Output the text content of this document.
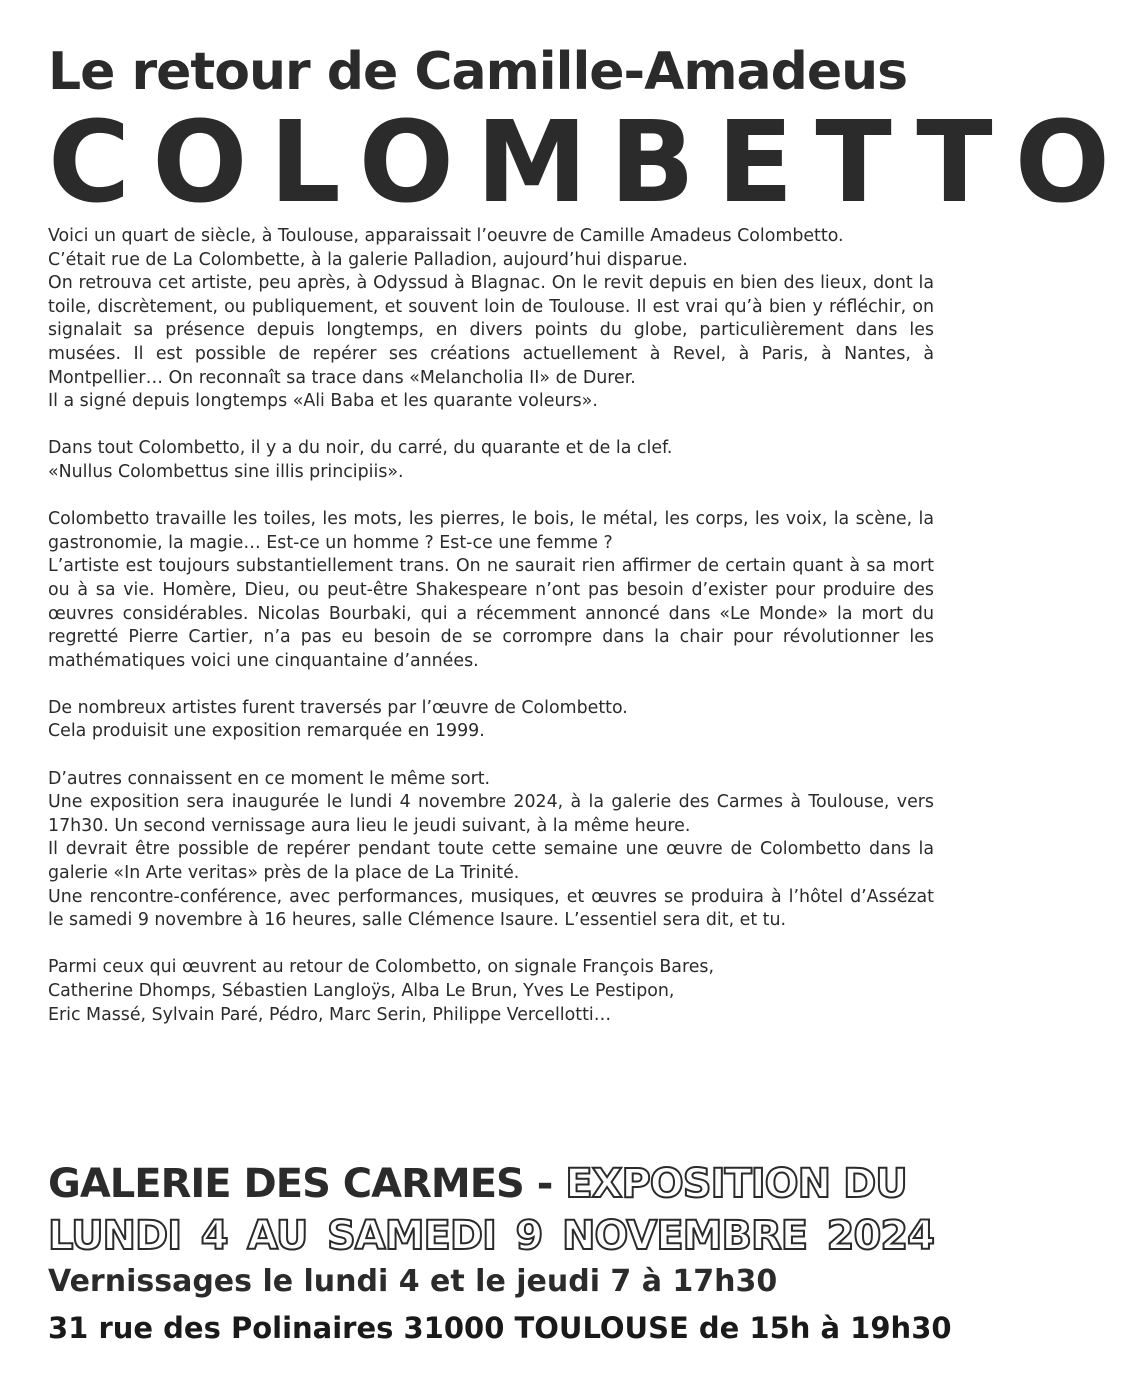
Le retour de Camille-Amadeus
COLOMBETTO

Voici un quart de siècle, à Toulouse, apparaissait l’oeuvre de Camille Amadeus Colombetto.
C’était rue de La Colombette, à la galerie Palladion, aujourd’hui disparue.
On retrouva cet artiste, peu après, à Odyssud à Blagnac. On le revit depuis en bien des lieux, dont la toile, discrètement, ou publiquement, et souvent loin de Toulouse. Il est vrai qu’à bien y réfléchir, on signalait sa présence depuis longtemps, en divers points du globe, particulièrement dans les musées. Il est possible de repérer ses créations actuellement à Revel, à Paris, à Nantes, à Montpellier… On reconnaît sa trace dans «Melancholia II» de Durer.
Il a signé depuis longtemps «Ali Baba et les quarante voleurs».

Dans tout Colombetto, il y a du noir, du carré, du quarante et de la clef.
«Nullus Colombettus sine illis principiis».

Colombetto travaille les toiles, les mots, les pierres, le bois, le métal, les corps, les voix, la scène, la gastronomie, la magie… Est-ce un homme ? Est-ce une femme ?
L’artiste est toujours substantiellement trans. On ne saurait rien affirmer de certain quant à sa mort ou à sa vie. Homère, Dieu, ou peut-être Shakespeare n’ont pas besoin d’exister pour produire des œuvres considérables. Nicolas Bourbaki, qui a récemment annoncé dans «Le Monde» la mort du regretté Pierre Cartier, n’a pas eu besoin de se corrompre dans la chair pour révolutionner les mathématiques voici une cinquantaine d’années.

De nombreux artistes furent traversés par l’œuvre de Colombetto.
Cela produisit une exposition remarquée en 1999.

D’autres connaissent en ce moment le même sort.
Une exposition sera inaugurée le lundi 4 novembre 2024, à la galerie des Carmes à Toulouse, vers 17h30. Un second vernissage aura lieu le jeudi suivant, à la même heure.
Il devrait être possible de repérer pendant toute cette semaine une œuvre de Colombetto dans la galerie «In Arte veritas» près de la place de La Trinité.
Une rencontre-conférence, avec performances, musiques, et œuvres se produira à l’hôtel d’Assézat le samedi 9 novembre à 16 heures, salle Clémence Isaure. L’essentiel sera dit, et tu.

Parmi ceux qui œuvrent au retour de Colombetto, on signale François Bares,
Catherine Dhomps, Sébastien Langloÿs, Alba Le Brun, Yves Le Pestipon,
Eric Massé, Sylvain Paré, Pédro, Marc Serin, Philippe Vercellotti…

GALERIE DES CARMES - EXPOSITION DU
LUNDI 4 AU SAMEDI 9 NOVEMBRE 2024
Vernissages le lundi 4 et le jeudi 7 à 17h30
31 rue des Polinaires 31000 TOULOUSE de 15h à 19h30
